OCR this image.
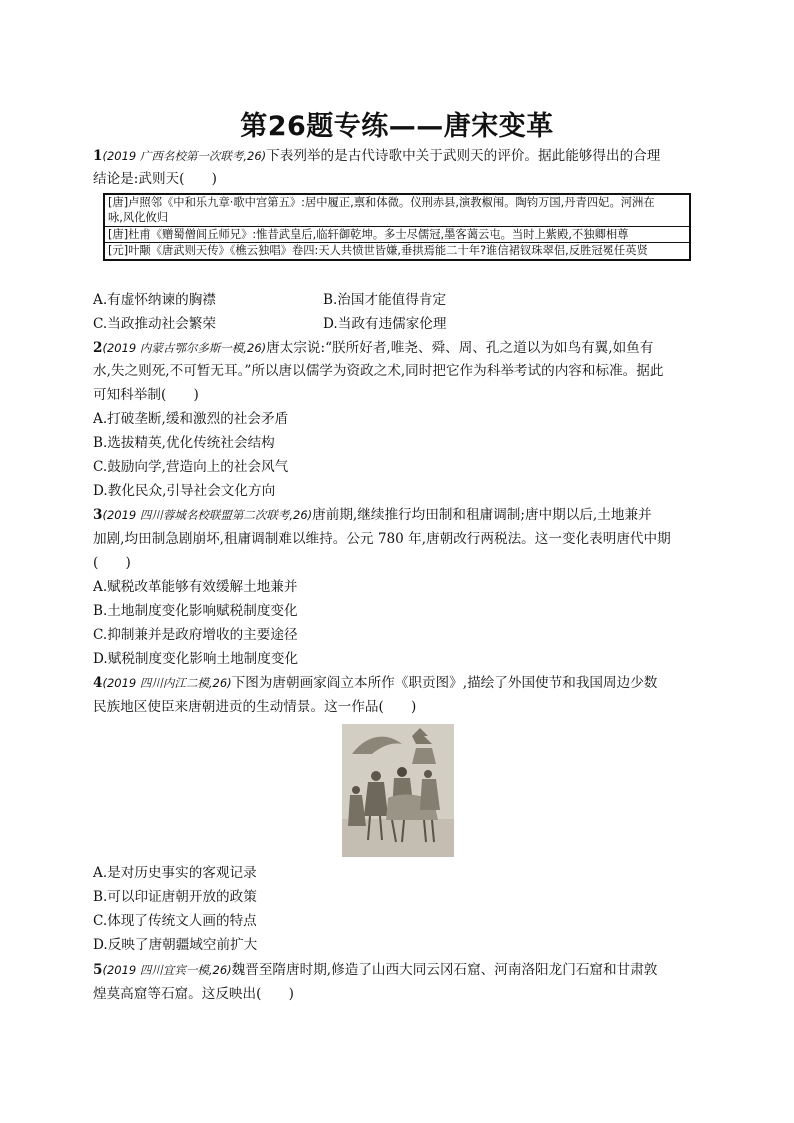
第26题专练——唐宋变革
1(2019 广西名校第一次联考,26)下表列举的是古代诗歌中关于武则天的评价。据此能够得出的合理
结论是:武则天(　　)
[唐]卢照邻《中和乐九章·歌中宫第五》:居中履正,禀和体微。仪刑赤县,演教椒闱。陶钧万国,丹青四妃。河洲在
咏,风化攸归
[唐]杜甫《赠蜀僧闾丘师兄》:惟昔武皇后,临轩御乾坤。多士尽儒冠,墨客蔼云屯。当时上紫殿,不独卿相尊
[元]叶颙《唐武则天传》《樵云独唱》卷四:天人共愤世皆嫌,垂拱焉能二十年?谁信裙钗珠翠侣,反胜冠冕任英贤
A.有虚怀纳谏的胸襟	B.治国才能值得肯定
C.当政推动社会繁荣	D.当政有违儒家伦理
2(2019 内蒙古鄂尔多斯一模,26)唐太宗说:“朕所好者,唯尧、舜、周、孔之道以为如鸟有翼,如鱼有
水,失之则死,不可暂无耳。”所以唐以儒学为资政之术,同时把它作为科举考试的内容和标准。据此
可知科举制(　　)
A.打破垄断,缓和激烈的社会矛盾
B.选拔精英,优化传统社会结构
C.鼓励向学,营造向上的社会风气
D.教化民众,引导社会文化方向
3(2019 四川蓉城名校联盟第二次联考,26)唐前期,继续推行均田制和租庸调制;唐中期以后,土地兼并
加剧,均田制急剧崩坏,租庸调制难以维持。公元 780 年,唐朝改行两税法。这一变化表明唐代中期
(　　)
A.赋税改革能够有效缓解土地兼并
B.土地制度变化影响赋税制度变化
C.抑制兼并是政府增收的主要途径
D.赋税制度变化影响土地制度变化
4(2019 四川内江二模,26)下图为唐朝画家阎立本所作《职贡图》,描绘了外国使节和我国周边少数
民族地区使臣来唐朝进贡的生动情景。这一作品(　　)
A.是对历史事实的客观记录
B.可以印证唐朝开放的政策
C.体现了传统文人画的特点
D.反映了唐朝疆域空前扩大
5(2019 四川宜宾一模,26)魏晋至隋唐时期,修造了山西大同云冈石窟、河南洛阳龙门石窟和甘肃敦
煌莫高窟等石窟。这反映出(　　)
